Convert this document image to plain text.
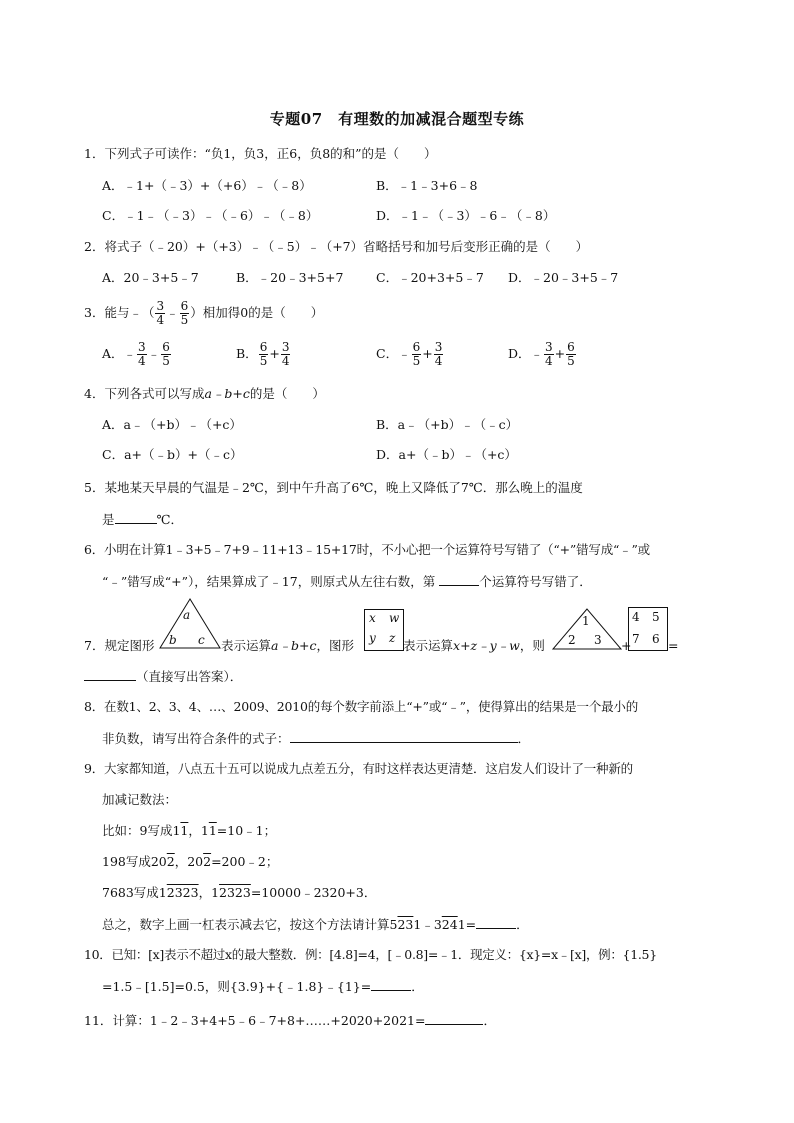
专题07　有理数的加减混合题型专练
1．下列式子可读作：“负1，负3，正6，负8的和”的是（　　）
A．﹣1+（﹣3）+（+6）﹣（﹣8）	B．﹣1﹣3+6﹣8
C．﹣1﹣（﹣3）﹣（﹣6）﹣（﹣8）	D．﹣1﹣（﹣3）﹣6﹣（﹣8）
2．将式子（﹣20）+（+3）﹣（﹣5）﹣（+7）省略括号和加号后变形正确的是（　　）
A．20﹣3+5﹣7	B．﹣20﹣3+5+7	C．﹣20+3+5﹣7 D．﹣20﹣3+5﹣7
3．能与﹣（ $\frac{3}{4}$ ﹣ $\frac{6}{5}$ ）相加得0的是（　　）
A．﹣ $\frac{3}{4}$ ﹣ $\frac{6}{5}$	B． $\frac{6}{5} + \frac{3}{4}$	C．﹣ $\frac{6}{5} + \frac{3}{4}$	D．﹣ $\frac{3}{4} + \frac{6}{5}$
4．下列各式可以写成a﹣b+c的是（　　）
A．a﹣（+b）﹣（+c）	B．a﹣（+b）﹣（﹣c）
C．a+（﹣b）+（﹣c）	D．a+（﹣b）﹣（+c）
5．某地某天早晨的气温是﹣2℃，到中午升高了6℃，晚上又降低了7℃．那么晚上的温度
是	℃．
6．小明在计算1﹣3+5﹣7+9﹣11+13﹣15+17时，不小心把一个运算符号写错了（“+”错写成“﹣”或
“﹣”错写成“+”），结果算成了﹣17，则原式从左往右数，第	个运算符号写错了．
7．规定图形
a
b c 表示运算a﹣b+c，图形
x w
y z 表示运算x+z﹣y﹣w，则
1
2 3 +
4 5
7 6 =
（直接写出答案）．
8．在数1、2、3、4、…、2009、2010的每个数字前添上“+”或“﹣”，使得算出的结果是一个最小的
非负数，请写出符合条件的式子：	．
9．大家都知道，八点五十五可以说成九点差五分，有时这样表达更清楚．这启发人们设计了一种新的
加减记数法：
比如：9写成11，11=10﹣1；
198写成202，202=200﹣2；
7683写成12323，12323=10000﹣2320+3．
总之，数字上画一杠表示减去它，按这个方法请计算5231﹣3241=	．
10．已知：[x]表示不超过x的最大整数．例：[4.8]=4，[﹣0.8]=﹣1．现定义：{x}=x﹣[x]，例：{1.5}
=1.5﹣[1.5]=0.5，则{3.9}+{﹣1.8}﹣{1}=	．
11．计算：1﹣2﹣3+4+5﹣6﹣7+8+……+2020+2021=	．
